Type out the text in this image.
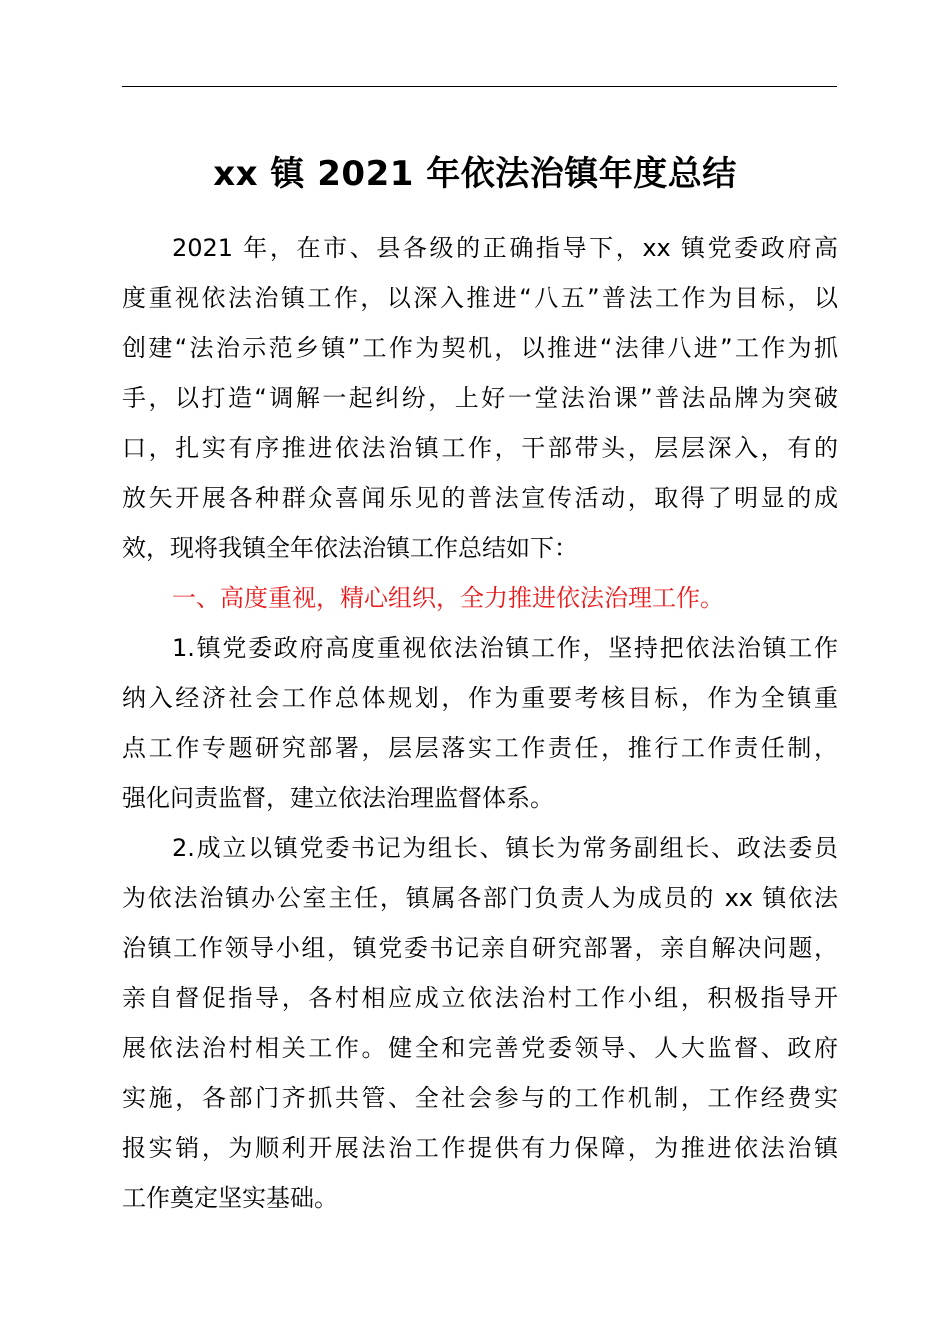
xx 镇 2021 年依法治镇年度总结
2021 年，在市、县各级的正确指导下，xx 镇党委政府高
度重视依法治镇工作，以深入推进“八五”普法工作为目标，以
创建“法治示范乡镇”工作为契机，以推进“法律八进”工作为抓
手，以打造“调解一起纠纷，上好一堂法治课”普法品牌为突破
口，扎实有序推进依法治镇工作，干部带头，层层深入，有的
放矢开展各种群众喜闻乐见的普法宣传活动，取得了明显的成
效，现将我镇全年依法治镇工作总结如下：
一、高度重视，精心组织，全力推进依法治理工作。
1.镇党委政府高度重视依法治镇工作，坚持把依法治镇工作
纳入经济社会工作总体规划，作为重要考核目标，作为全镇重
点工作专题研究部署，层层落实工作责任，推行工作责任制，
强化问责监督，建立依法治理监督体系。
2.成立以镇党委书记为组长、镇长为常务副组长、政法委员
为依法治镇办公室主任，镇属各部门负责人为成员的 xx 镇依法
治镇工作领导小组，镇党委书记亲自研究部署，亲自解决问题，
亲自督促指导，各村相应成立依法治村工作小组，积极指导开
展依法治村相关工作。健全和完善党委领导、人大监督、政府
实施，各部门齐抓共管、全社会参与的工作机制，工作经费实
报实销，为顺利开展法治工作提供有力保障，为推进依法治镇
工作奠定坚实基础。
